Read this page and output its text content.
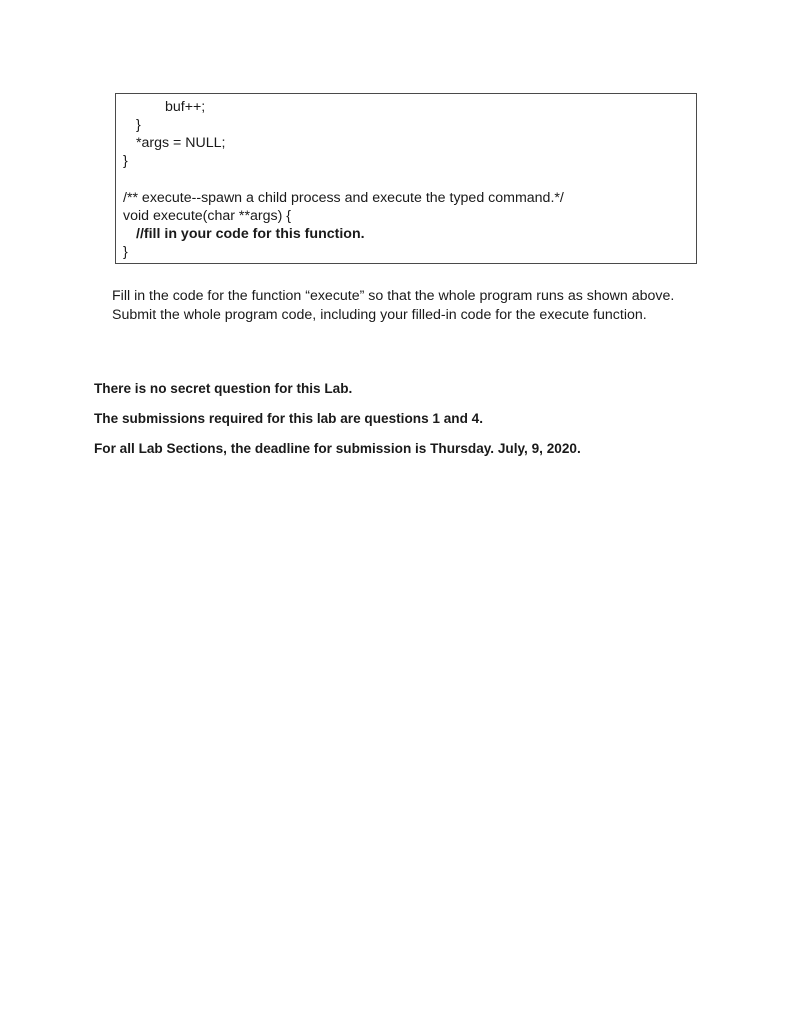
buf++;
}
*args = NULL;
}
/** execute--spawn a child process and execute the typed command.*/
void execute(char **args) {
//fill in your code for this function.
}
Fill in the code for the function “execute” so that the whole program runs as shown above.
Submit the whole program code, including your filled-in code for the execute function.
There is no secret question for this Lab.
The submissions required for this lab are questions 1 and 4.
For all Lab Sections, the deadline for submission is Thursday. July, 9, 2020.
